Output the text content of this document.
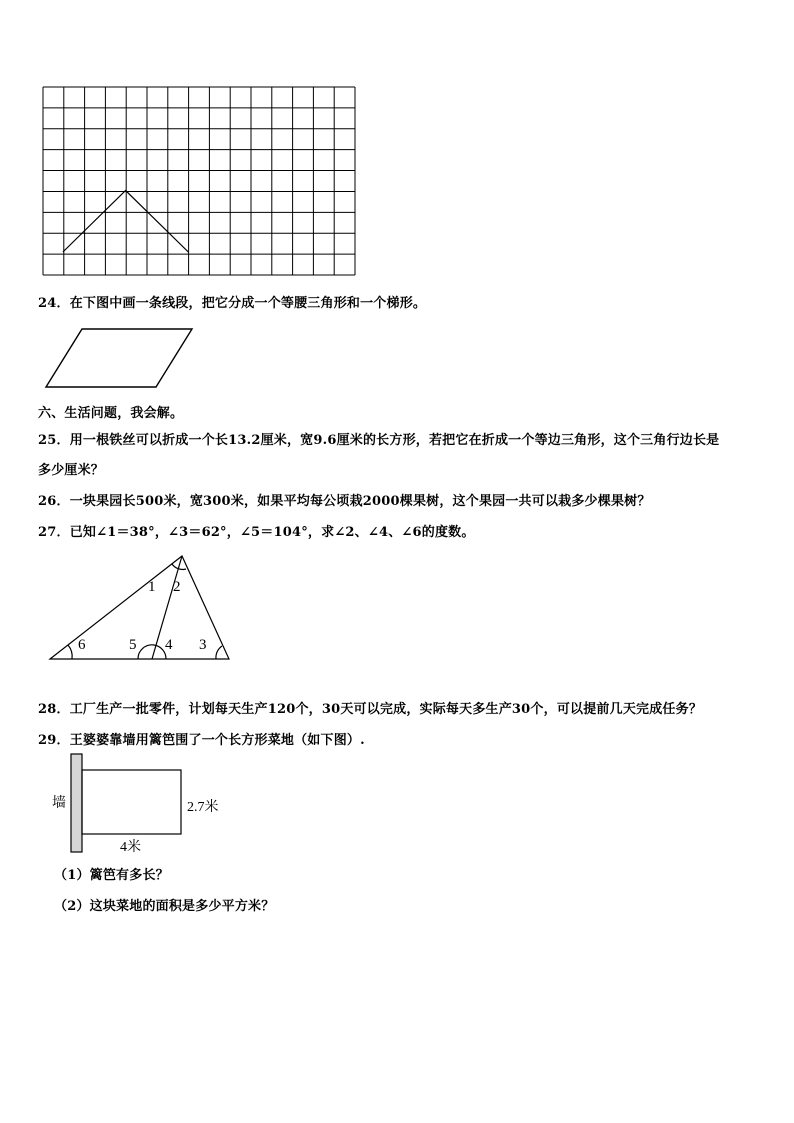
24．在下图中画一条线段，把它分成一个等腰三角形和一个梯形。
六、生活问题，我会解。
25．用一根铁丝可以折成一个长13.2厘米，宽9.6厘米的长方形，若把它在折成一个等边三角形，这个三角行边长是
多少厘米？
26．一块果园长500米，宽300米，如果平均每公顷栽2000棵果树，这个果园一共可以栽多少棵果树？
27．已知∠1＝38°，∠3＝62°，∠5＝104°，求∠2、∠4、∠6的度数。
1 2
6	5 4 3
28．工厂生产一批零件，计划每天生产120个，30天可以完成，实际每天多生产30个，可以提前几天完成任务？
29．王婆婆靠墙用篱笆围了一个长方形菜地（如下图）.
墙	2.7米
4米
（1）篱笆有多长？
（2）这块菜地的面积是多少平方米？
